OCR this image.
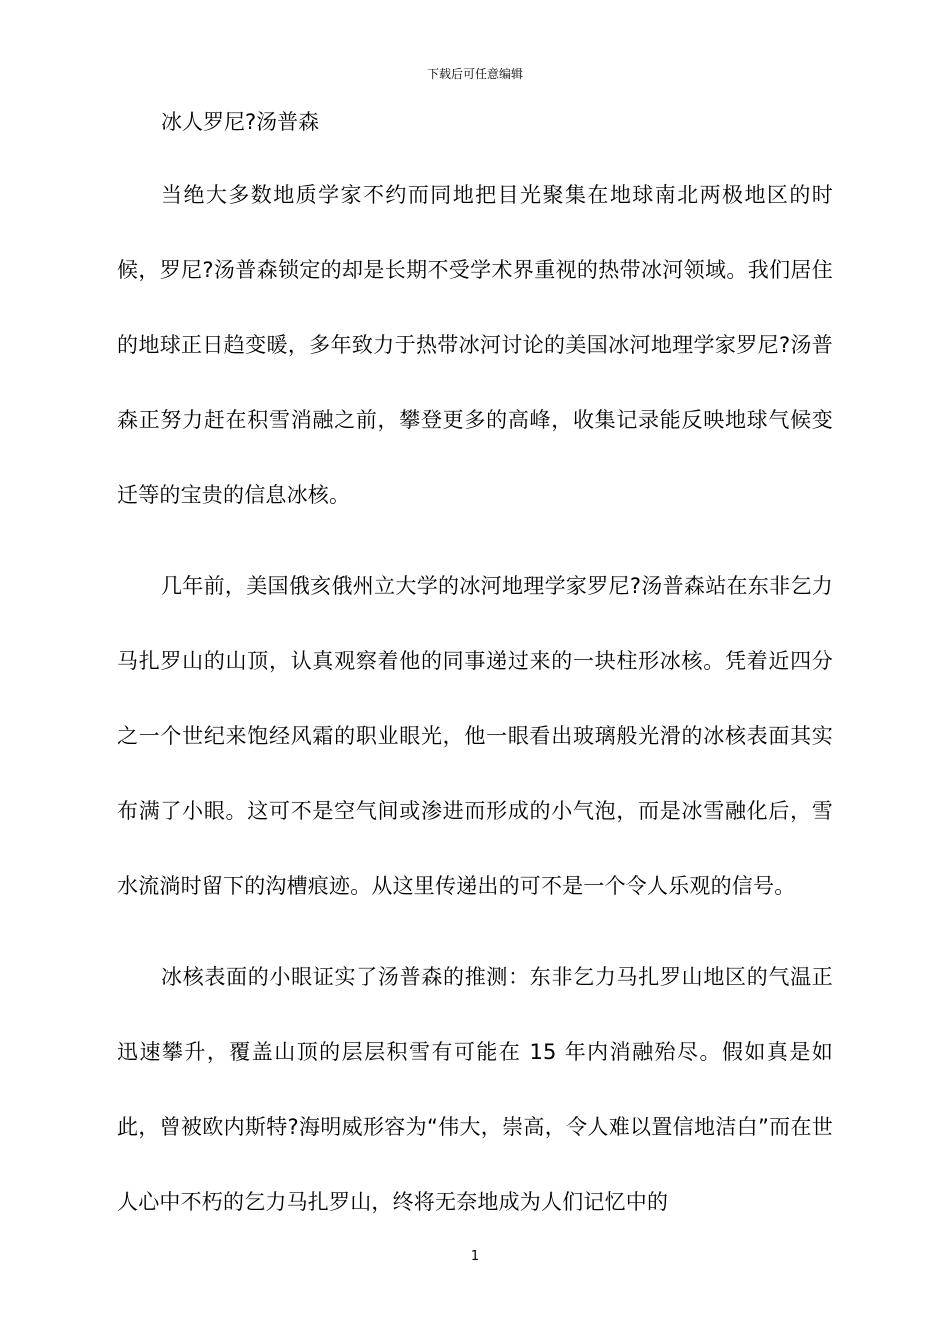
下载后可任意编辑
冰人罗尼?汤普森

当绝大多数地质学家不约而同地把目光聚集在地球南北两极地区的时候，罗尼?汤普森锁定的却是长期不受学术界重视的热带冰河领域。我们居住的地球正日趋变暖，多年致力于热带冰河讨论的美国冰河地理学家罗尼?汤普森正努力赶在积雪消融之前，攀登更多的高峰，收集记录能反映地球气候变迁等的宝贵的信息冰核。

几年前，美国俄亥俄州立大学的冰河地理学家罗尼?汤普森站在东非乞力马扎罗山的山顶，认真观察着他的同事递过来的一块柱形冰核。凭着近四分之一个世纪来饱经风霜的职业眼光，他一眼看出玻璃般光滑的冰核表面其实布满了小眼。这可不是空气间或渗进而形成的小气泡，而是冰雪融化后，雪水流淌时留下的沟槽痕迹。从这里传递出的可不是一个令人乐观的信号。

冰核表面的小眼证实了汤普森的推测：东非乞力马扎罗山地区的气温正迅速攀升，覆盖山顶的层层积雪有可能在 15 年内消融殆尽。假如真是如此，曾被欧内斯特?海明威形容为“伟大，崇高，令人难以置信地洁白”而在世人心中不朽的乞力马扎罗山，终将无奈地成为人们记忆中的

1
